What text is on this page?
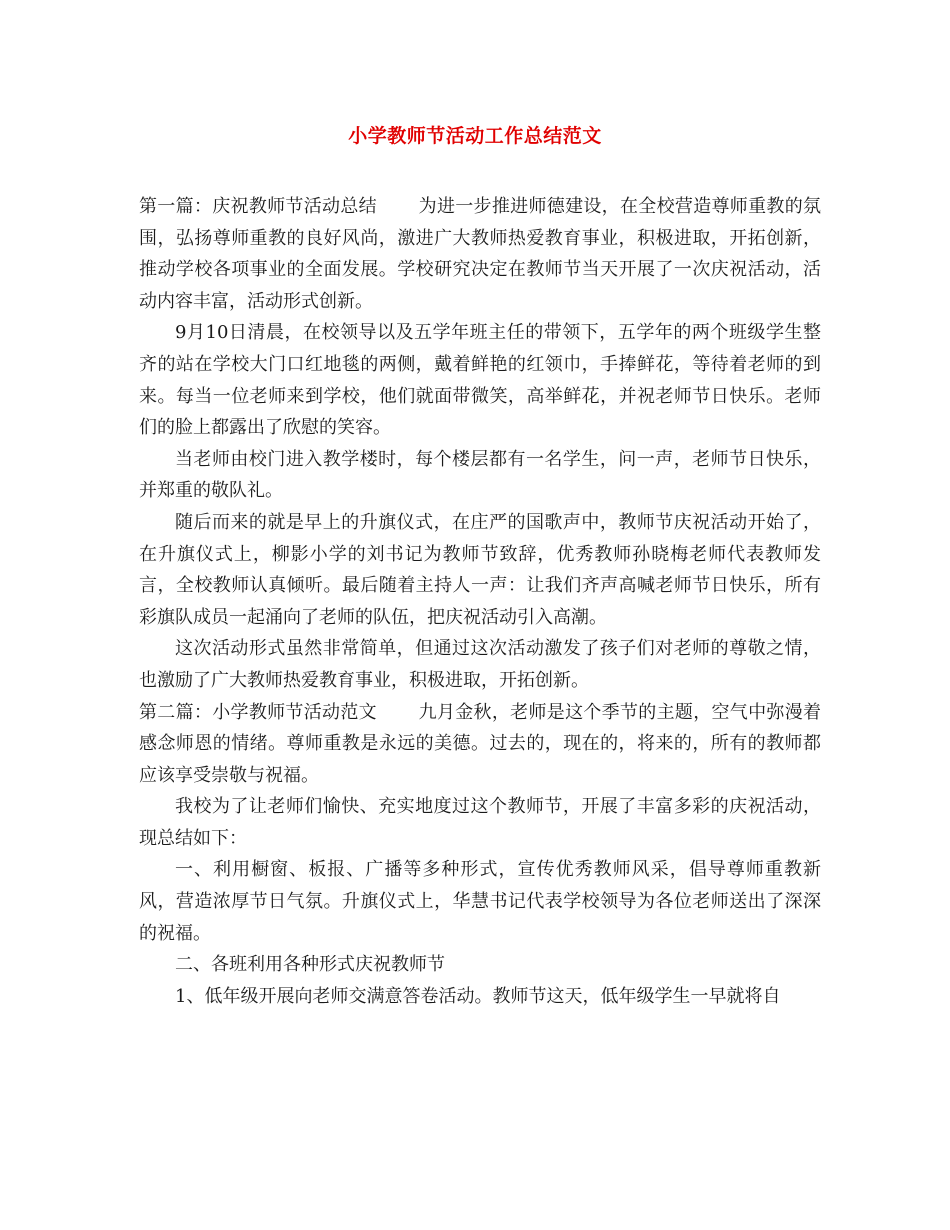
小学教师节活动工作总结范文

第一篇：庆祝教师节活动总结 为进一步推进师德建设，在全校营造尊师重教的氛围，弘扬尊师重教的良好风尚，激进广大教师热爱教育事业，积极进取，开拓创新，推动学校各项事业的全面发展。学校研究决定在教师节当天开展了一次庆祝活动，活动内容丰富，活动形式创新。

9月10日清晨，在校领导以及五学年班主任的带领下，五学年的两个班级学生整齐的站在学校大门口红地毯的两侧，戴着鲜艳的红领巾，手捧鲜花，等待着老师的到来。每当一位老师来到学校，他们就面带微笑，高举鲜花，并祝老师节日快乐。老师们的脸上都露出了欣慰的笑容。

当老师由校门进入教学楼时，每个楼层都有一名学生，问一声，老师节日快乐，并郑重的敬队礼。

随后而来的就是早上的升旗仪式，在庄严的国歌声中，教师节庆祝活动开始了，在升旗仪式上，柳影小学的刘书记为教师节致辞，优秀教师孙晓梅老师代表教师发言，全校教师认真倾听。最后随着主持人一声：让我们齐声高喊老师节日快乐，所有彩旗队成员一起涌向了老师的队伍，把庆祝活动引入高潮。

这次活动形式虽然非常简单，但通过这次活动激发了孩子们对老师的尊敬之情，也激励了广大教师热爱教育事业，积极进取，开拓创新。

第二篇：小学教师节活动范文 九月金秋，老师是这个季节的主题，空气中弥漫着感念师恩的情绪。尊师重教是永远的美德。过去的，现在的，将来的，所有的教师都应该享受崇敬与祝福。

我校为了让老师们愉快、充实地度过这个教师节，开展了丰富多彩的庆祝活动，现总结如下：

一、利用橱窗、板报、广播等多种形式，宣传优秀教师风采，倡导尊师重教新风，营造浓厚节日气氛。升旗仪式上，华慧书记代表学校领导为各位老师送出了深深的祝福。

二、各班利用各种形式庆祝教师节

1、低年级开展向老师交满意答卷活动。教师节这天，低年级学生一早就将自
